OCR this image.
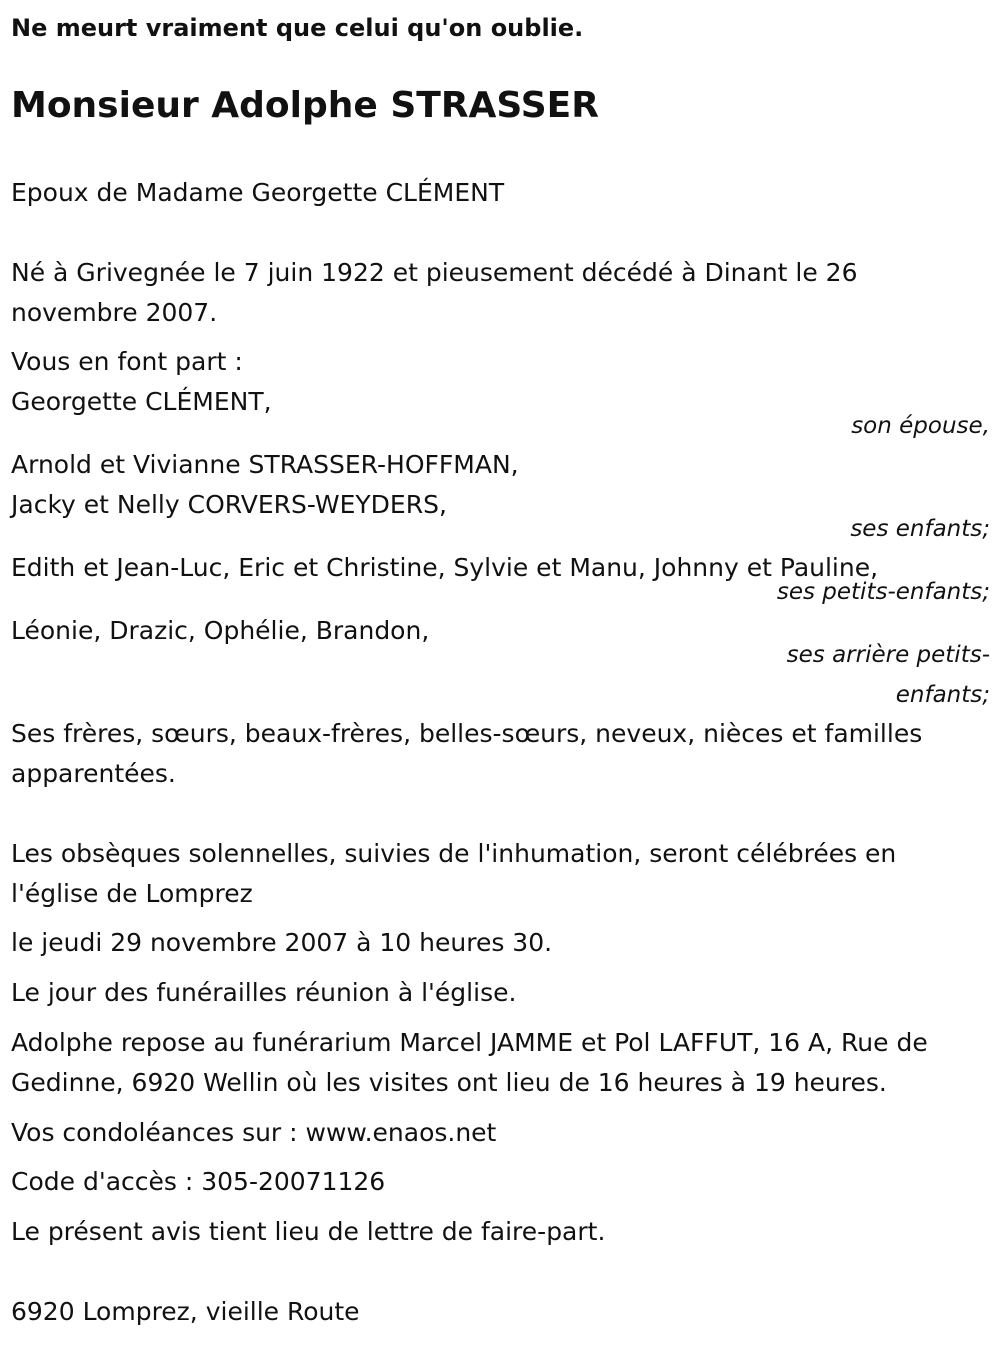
Ne meurt vraiment que celui qu'on oublie.
Monsieur Adolphe STRASSER
Epoux de Madame Georgette CLÉMENT
Né à Grivegnée le 7 juin 1922 et pieusement décédé à Dinant le 26
novembre 2007.
Vous en font part :
Georgette CLÉMENT,
son épouse,
Arnold et Vivianne STRASSER-HOFFMAN,
Jacky et Nelly CORVERS-WEYDERS,
ses enfants;
Edith et Jean-Luc, Eric et Christine, Sylvie et Manu, Johnny et Pauline,
ses petits-enfants;
Léonie, Drazic, Ophélie, Brandon,
ses arrière petits-
enfants;
Ses frères, sœurs, beaux-frères, belles-sœurs, neveux, nièces et familles
apparentées.
Les obsèques solennelles, suivies de l'inhumation, seront célébrées en
l'église de Lomprez
le jeudi 29 novembre 2007 à 10 heures 30.
Le jour des funérailles réunion à l'église.
Adolphe repose au funérarium Marcel JAMME et Pol LAFFUT, 16 A, Rue de
Gedinne, 6920 Wellin où les visites ont lieu de 16 heures à 19 heures.
Vos condoléances sur : www.enaos.net
Code d'accès : 305-20071126
Le présent avis tient lieu de lettre de faire-part.
6920 Lomprez, vieille Route
